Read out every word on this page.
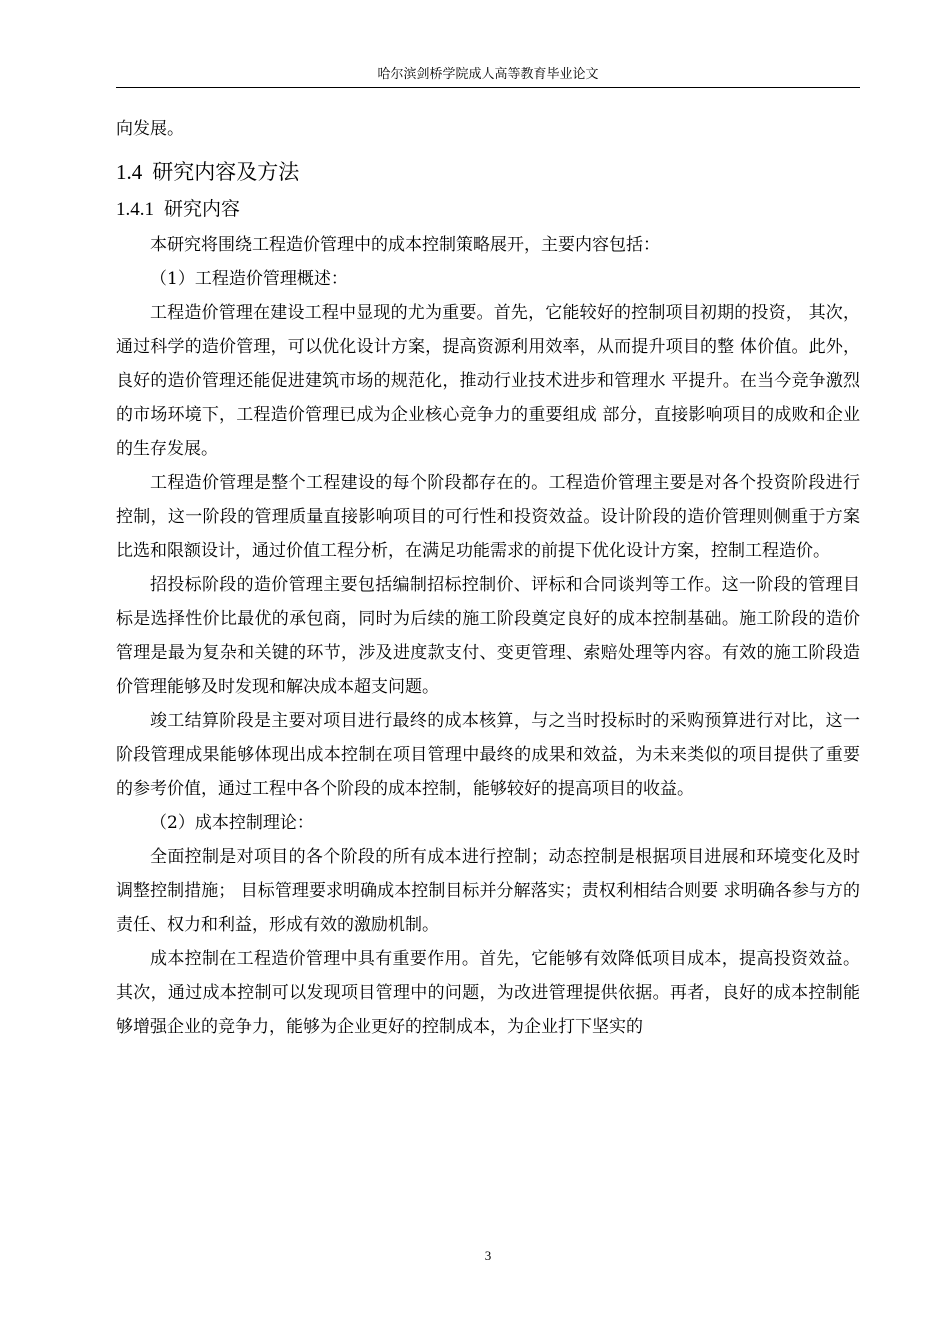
哈尔滨剑桥学院成人高等教育毕业论文

向发展。

1.4 研究内容及方法
1.4.1 研究内容

本研究将围绕工程造价管理中的成本控制策略展开，主要内容包括：

（1）工程造价管理概述：

工程造价管理在建设工程中显现的尤为重要。首先，它能较好的控制项目初期的投资， 其次，通过科学的造价管理，可以优化设计方案，提高资源利用效率，从而提升项目的整 体价值。此外，良好的造价管理还能促进建筑市场的规范化，推动行业技术进步和管理水 平提升。在当今竞争激烈的市场环境下，工程造价管理已成为企业核心竞争力的重要组成 部分，直接影响项目的成败和企业的生存发展。

工程造价管理是整个工程建设的每个阶段都存在的。工程造价管理主要是对各个投资阶段进行控制，这一阶段的管理质量直接影响项目的可行性和投资效益。设计阶段的造价管理则侧重于方案比选和限额设计，通过价值工程分析，在满足功能需求的前提下优化设计方案，控制工程造价。

招投标阶段的造价管理主要包括编制招标控制价、评标和合同谈判等工作。这一阶段的管理目标是选择性价比最优的承包商，同时为后续的施工阶段奠定良好的成本控制基础。施工阶段的造价管理是最为复杂和关键的环节，涉及进度款支付、变更管理、索赔处理等内容。有效的施工阶段造价管理能够及时发现和解决成本超支问题。

竣工结算阶段是主要对项目进行最终的成本核算，与之当时投标时的采购预算进行对比，这一阶段管理成果能够体现出成本控制在项目管理中最终的成果和效益，为未来类似的项目提供了重要的参考价值，通过工程中各个阶段的成本控制，能够较好的提高项目的收益。

（2）成本控制理论：

全面控制是对项目的各个阶段的所有成本进行控制；动态控制是根据项目进展和环境变化及时调整控制措施； 目标管理要求明确成本控制目标并分解落实；责权利相结合则要 求明确各参与方的责任、权力和利益，形成有效的激励机制。

成本控制在工程造价管理中具有重要作用。首先，它能够有效降低项目成本，提高投资效益。其次，通过成本控制可以发现项目管理中的问题，为改进管理提供依据。再者，良好的成本控制能够增强企业的竞争力，能够为企业更好的控制成本，为企业打下坚实的

3
